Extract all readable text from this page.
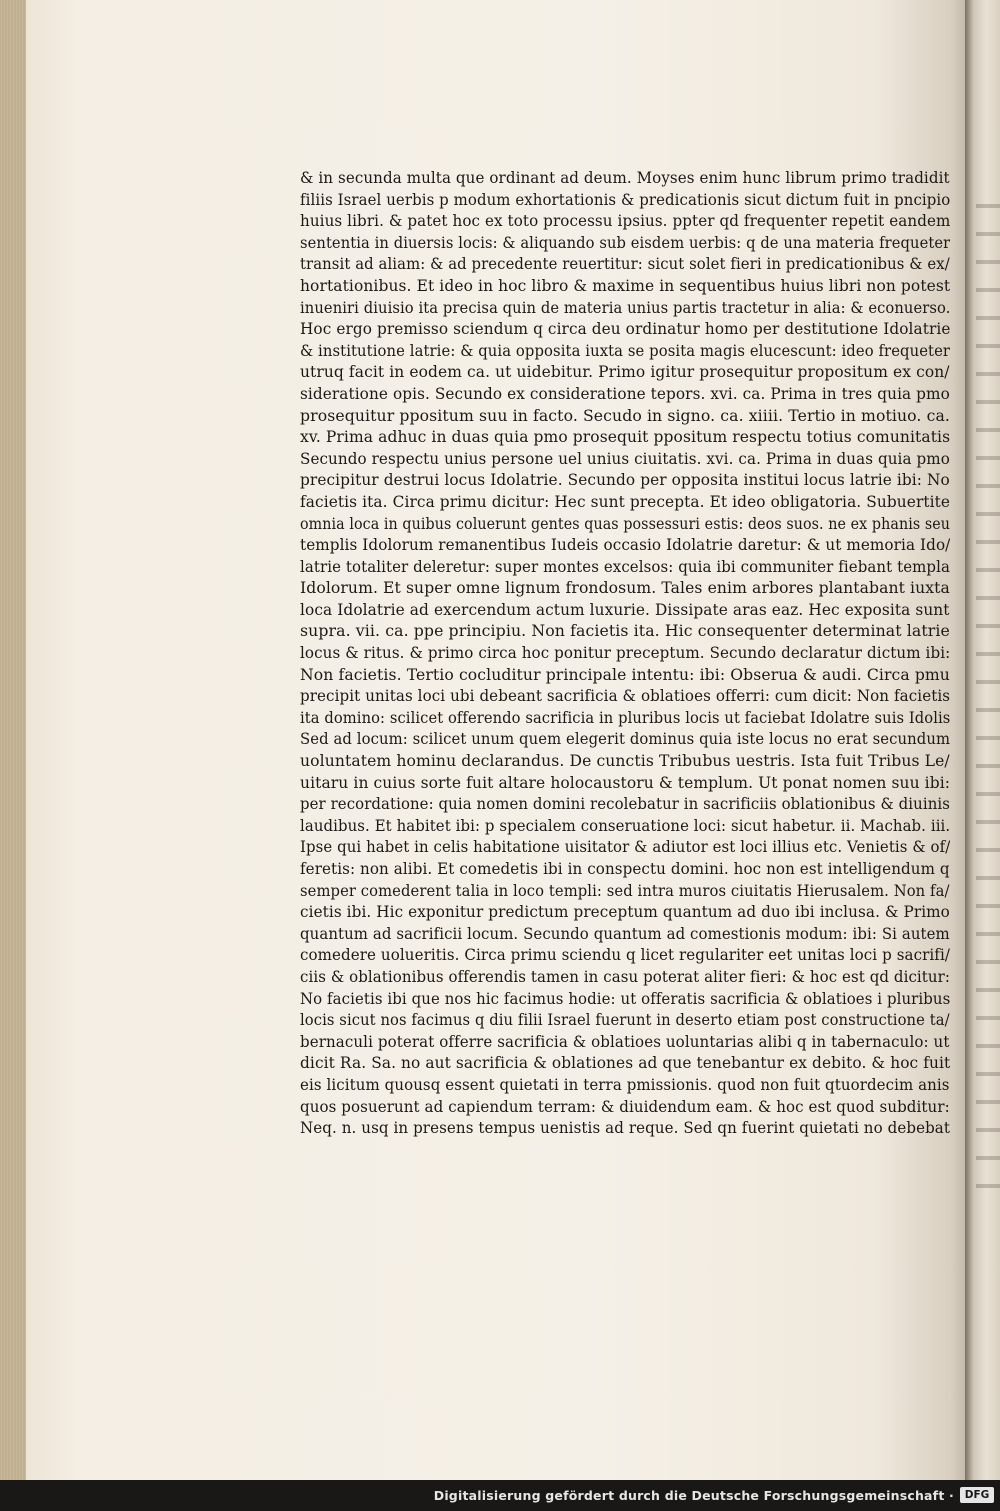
& in secunda multa que ordinant ad deum. Moyses enim hunc librum primo tradidit
filiis Israel uerbis p modum exhortationis & predicationis sicut dictum fuit in pncipio
huius libri. & patet hoc ex toto processu ipsius. ppter qd frequenter repetit eandem
sententia in diuersis locis: & aliquando sub eisdem uerbis: q de una materia frequeter
transit ad aliam: & ad precedente reuertitur: sicut solet fieri in predicationibus & ex/
hortationibus. Et ideo in hoc libro & maxime in sequentibus huius libri non potest
inueniri diuisio ita precisa quin de materia unius partis tractetur in alia: & econuerso.
Hoc ergo premisso sciendum q circa deu ordinatur homo per destitutione Idolatrie
& institutione latrie: & quia opposita iuxta se posita magis elucescunt: ideo frequeter
utruq facit in eodem ca. ut uidebitur. Primo igitur prosequitur propositum ex con/
sideratione opis. Secundo ex consideratione tepors. xvi. ca. Prima in tres quia pmo
prosequitur ppositum suu in facto. Secudo in signo. ca. xiiii. Tertio in motiuo. ca.
xv. Prima adhuc in duas quia pmo prosequit ppositum respectu totius comunitatis
Secundo respectu unius persone uel unius ciuitatis. xvi. ca. Prima in duas quia pmo
precipitur destrui locus Idolatrie. Secundo per opposita institui locus latrie ibi: No
facietis ita. Circa primu dicitur: Hec sunt precepta. Et ideo obligatoria. Subuertite
omnia loca in quibus coluerunt gentes quas possessuri estis: deos suos. ne ex phanis seu
templis Idolorum remanentibus Iudeis occasio Idolatrie daretur: & ut memoria Ido/
latrie totaliter deleretur: super montes excelsos: quia ibi communiter fiebant templa
Idolorum. Et super omne lignum frondosum. Tales enim arbores plantabant iuxta
loca Idolatrie ad exercendum actum luxurie. Dissipate aras eaz. Hec exposita sunt
supra. vii. ca. ppe principiu. Non facietis ita. Hic consequenter determinat latrie
locus & ritus. & primo circa hoc ponitur preceptum. Secundo declaratur dictum ibi:
Non facietis. Tertio cocluditur principale intentu: ibi: Obserua & audi. Circa pmu
precipit unitas loci ubi debeant sacrificia & oblatioes offerri: cum dicit: Non facietis
ita domino: scilicet offerendo sacrificia in pluribus locis ut faciebat Idolatre suis Idolis
Sed ad locum: scilicet unum quem elegerit dominus quia iste locus no erat secundum
uoluntatem hominu declarandus. De cunctis Tribubus uestris. Ista fuit Tribus Le/
uitaru in cuius sorte fuit altare holocaustoru & templum. Ut ponat nomen suu ibi:
per recordatione: quia nomen domini recolebatur in sacrificiis oblationibus & diuinis
laudibus. Et habitet ibi: p specialem conseruatione loci: sicut habetur. ii. Machab. iii.
Ipse qui habet in celis habitatione uisitator & adiutor est loci illius etc. Venietis & of/
feretis: non alibi. Et comedetis ibi in conspectu domini. hoc non est intelligendum q
semper comederent talia in loco templi: sed intra muros ciuitatis Hierusalem. Non fa/
cietis ibi. Hic exponitur predictum preceptum quantum ad duo ibi inclusa. & Primo
quantum ad sacrificii locum. Secundo quantum ad comestionis modum: ibi: Si autem
comedere uolueritis. Circa primu sciendu q licet regulariter eet unitas loci p sacrifi/
ciis & oblationibus offerendis tamen in casu poterat aliter fieri: & hoc est qd dicitur:
No facietis ibi que nos hic facimus hodie: ut offeratis sacrificia & oblatioes i pluribus
locis sicut nos facimus q diu filii Israel fuerunt in deserto etiam post constructione ta/
bernaculi poterat offerre sacrificia & oblatioes uoluntarias alibi q in tabernaculo: ut
dicit Ra. Sa. no aut sacrificia & oblationes ad que tenebantur ex debito. & hoc fuit
eis licitum quousq essent quietati in terra pmissionis. quod non fuit qtuordecim anis
quos posuerunt ad capiendum terram: & diuidendum eam. & hoc est quod subditur:
Neq. n. usq in presens tempus uenistis ad reque. Sed qn fuerint quietati no debebat
Digitalisierung gefördert durch die Deutsche Forschungsgemeinschaft ·	DFG
